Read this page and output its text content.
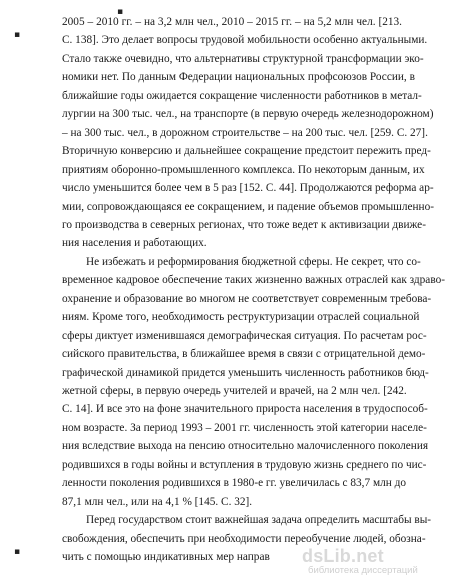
▪
▪
▪
2005 – 2010 гг. – на 3,2 млн чел., 2010 – 2015 гг. – на 5,2 млн чел. [213.
С. 138]. Это делает вопросы трудовой мобильности особенно актуальными.
Стало также очевидно, что альтернативы структурной трансформации эко-
номики нет. По данным Федерации национальных профсоюзов России, в
ближайшие годы ожидается сокращение численности работников в метал-
лургии на 300 тыс. чел., на транспорте (в первую очередь железнодорожном)
– на 300 тыс. чел., в дорожном строительстве – на 200 тыс. чел. [259. С. 27].
Вторичную конверсию и дальнейшее сокращение предстоит пережить пред-
приятиям оборонно-промышленного комплекса. По некоторым данным, их
число уменьшится более чем в 5 раз [152. С. 44]. Продолжаются реформа ар-
мии, сопровождающаяся ее сокращением, и падение объемов промышленно-
го производства в северных регионах, что тоже ведет к активизации движе-
ния населения и работающих.
Не избежать и реформирования бюджетной сферы. Не секрет, что со-
временное кадровое обеспечение таких жизненно важных отраслей как здраво-
охранение и образование во многом не соответствует современным требова-
ниям. Кроме того, необходимость реструктуризации отраслей социальной
сферы диктует изменившаяся демографическая ситуация. По расчетам рос-
сийского правительства, в ближайшее время в связи с отрицательной демо-
графической динамикой придется уменьшить численность работников бюд-
жетной сферы, в первую очередь учителей и врачей, на 2 млн чел. [242.
С. 14]. И все это на фоне значительного прироста населения в трудоспособ-
ном возрасте. За период 1993 – 2001 гг. численность этой категории населе-
ния вследствие выхода на пенсию относительно малочисленного поколения
родившихся в годы войны и вступления в трудовую жизнь среднего по чис-
ленности поколения родившихся в 1980-е гг. увеличилась с 83,7 млн до
87,1 млн чел., или на 4,1 % [145. С. 32].
Перед государством стоит важнейшая задача определить масштабы вы-
свобождения, обеспечить при необходимости переобучение людей, обозна-
чить с помощью индикативных мер направ	dsLib.net
библиотека диссертаций
